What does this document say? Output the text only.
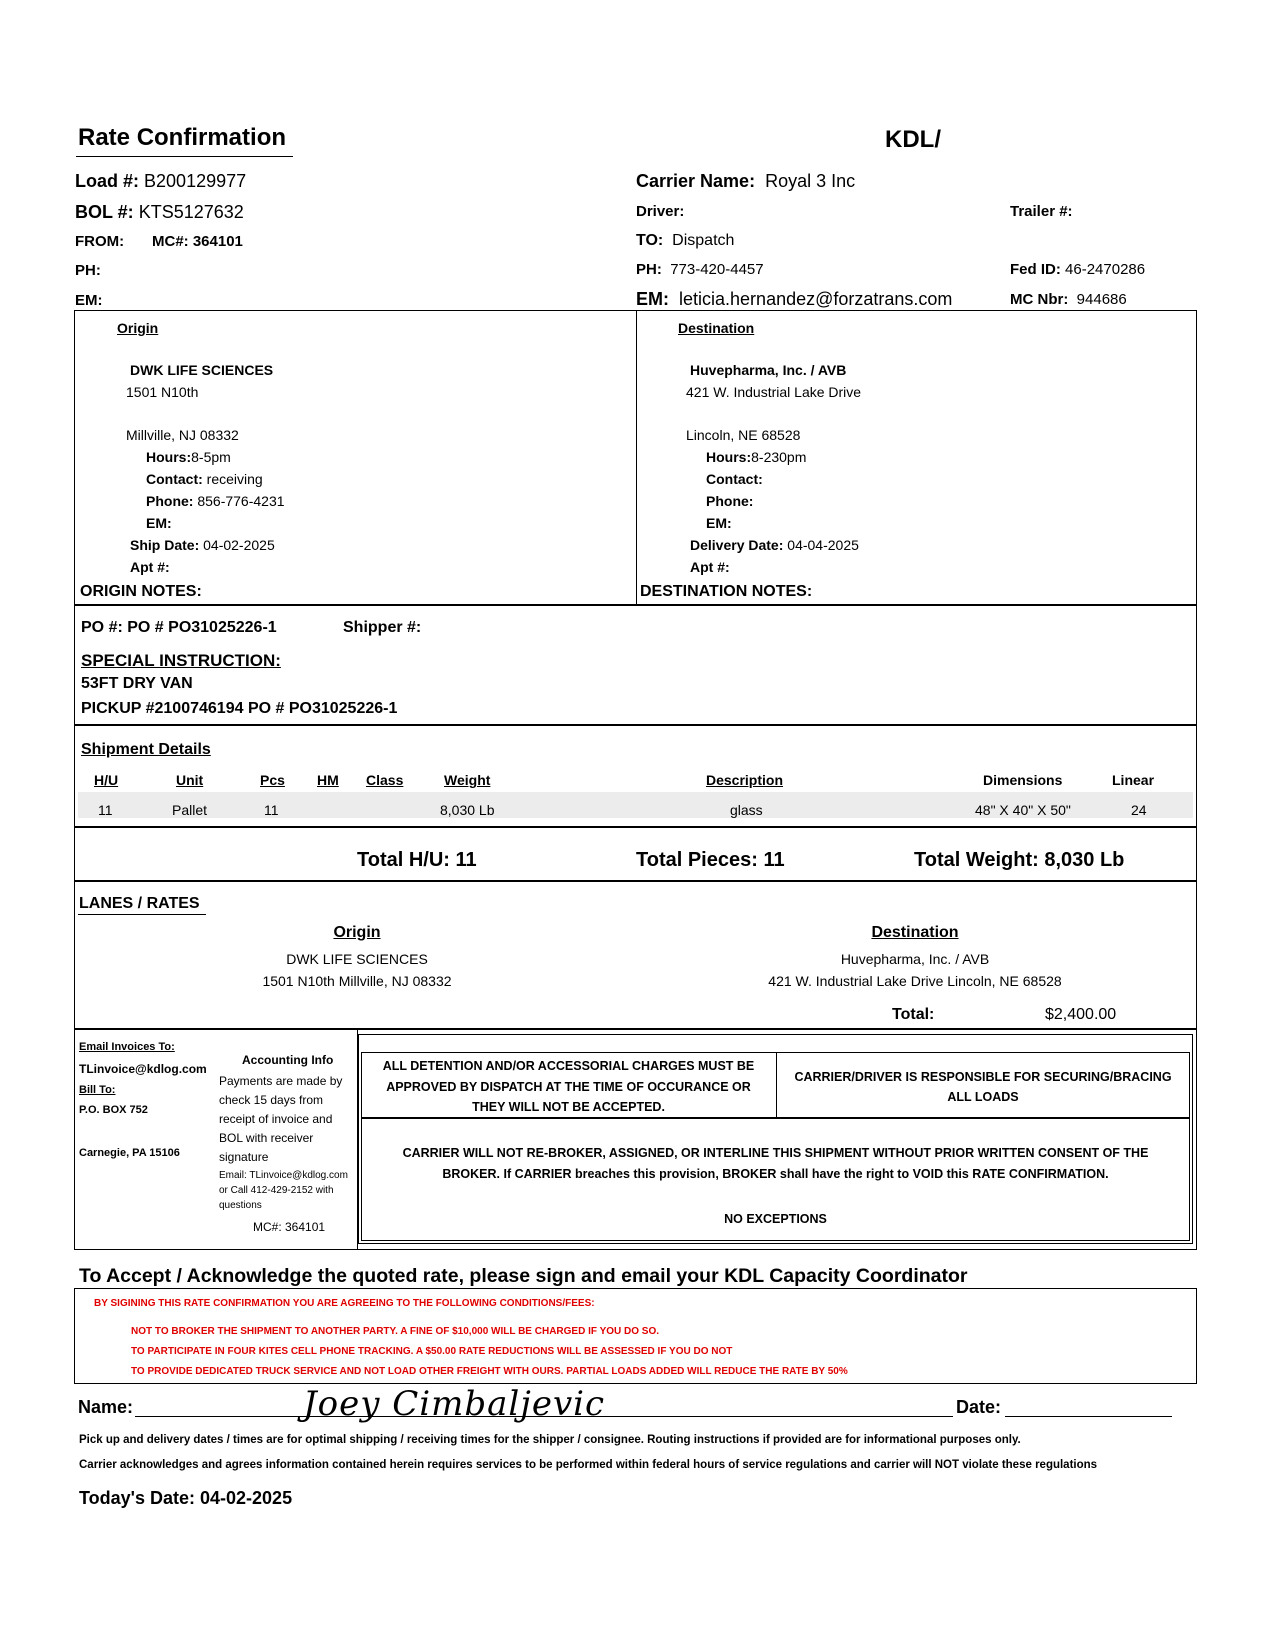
Rate Confirmation	KDL/
Load #: B200129977
BOL #: KTS5127632
FROM: MC#: 364101
PH:
EM:
Carrier Name: Royal 3 Inc
Driver:	Trailer #:
TO: Dispatch
PH: 773-420-4457	Fed ID: 46-2470286
EM: leticia.hernandez@forzatrans.com	MC Nbr: 944686
Origin
DWK LIFE SCIENCES
1501 N10th
Millville, NJ 08332
Hours:8-5pm
Contact: receiving
Phone: 856-776-4231
EM:
Ship Date: 04-02-2025
Apt #:
ORIGIN NOTES:
Destination
Huvepharma, Inc. / AVB
421 W. Industrial Lake Drive
Lincoln, NE 68528
Hours:8-230pm
Contact:
Phone:
EM:
Delivery Date: 04-04-2025
Apt #:
DESTINATION NOTES:
PO #: PO # PO31025226-1	Shipper #:
SPECIAL INSTRUCTION:
53FT DRY VAN
PICKUP #2100746194 PO # PO31025226-1
Shipment Details
H/U	Unit	Pcs HM Class	Weight	Description	Dimensions	Linear
11	Pallet	11	8,030 Lb	glass	48" X 40" X 50"	24
Total H/U: 11	Total Pieces: 11	Total Weight: 8,030 Lb
LANES / RATES
Origin
DWK LIFE SCIENCES
1501 N10th Millville, NJ 08332
Destination
Huvepharma, Inc. / AVB
421 W. Industrial Lake Drive Lincoln, NE 68528
Total:	$2,400.00
Email Invoices To:
TLinvoice@kdlog.com
Bill To:
P.O. BOX 752
Carnegie, PA 15106
Accounting Info
Payments are made by
check 15 days from
receipt of invoice and
BOL with receiver
signature
Email: TLinvoice@kdlog.com
or Call 412-429-2152 with
questions
MC#: 364101
ALL DETENTION AND/OR ACCESSORIAL CHARGES MUST BE
APPROVED BY DISPATCH AT THE TIME OF OCCURANCE OR
THEY WILL NOT BE ACCEPTED.
CARRIER/DRIVER IS RESPONSIBLE FOR SECURING/BRACING
ALL LOADS
CARRIER WILL NOT RE-BROKER, ASSIGNED, OR INTERLINE THIS SHIPMENT WITHOUT PRIOR WRITTEN CONSENT OF THE
BROKER. If CARRIER breaches this provision, BROKER shall have the right to VOID this RATE CONFIRMATION.
NO EXCEPTIONS
To Accept / Acknowledge the quoted rate, please sign and email your KDL Capacity Coordinator
BY SIGINING THIS RATE CONFIRMATION YOU ARE AGREEING TO THE FOLLOWING CONDITIONS/FEES:
NOT TO BROKER THE SHIPMENT TO ANOTHER PARTY. A FINE OF $10,000 WILL BE CHARGED IF YOU DO SO.
TO PARTICIPATE IN FOUR KITES CELL PHONE TRACKING. A $50.00 RATE REDUCTIONS WILL BE ASSESSED IF YOU DO NOT
TO PROVIDE DEDICATED TRUCK SERVICE AND NOT LOAD OTHER FREIGHT WITH OURS. PARTIAL LOADS ADDED WILL REDUCE THE RATE BY 50%
Name:	Joey Cimbaljevic	Date:
Pick up and delivery dates / times are for optimal shipping / receiving times for the shipper / consignee. Routing instructions if provided are for informational purposes only.
Carrier acknowledges and agrees information contained herein requires services to be performed within federal hours of service regulations and carrier will NOT violate these regulations
Today's Date: 04-02-2025
